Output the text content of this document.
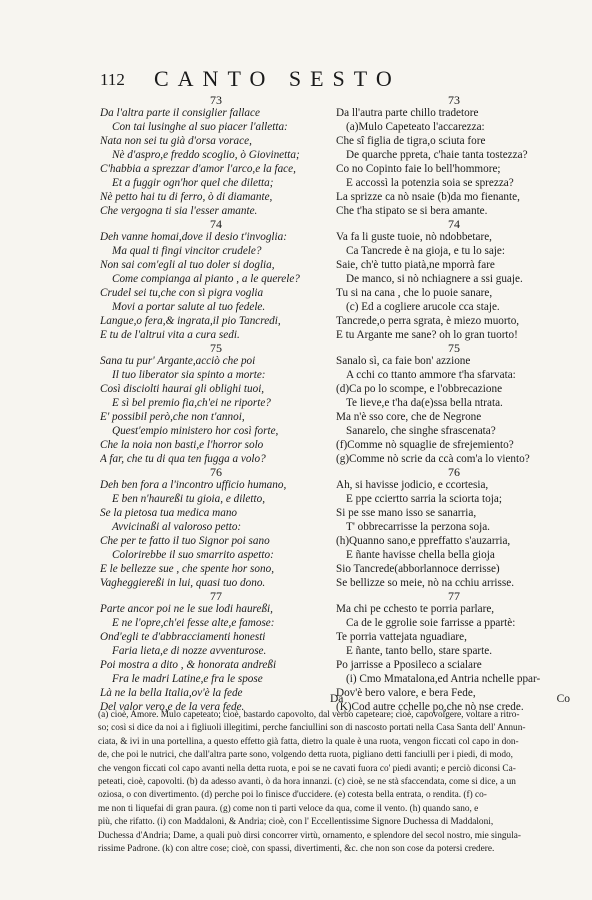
112 CANTO SESTO
73
Da l'altra parte il consiglier fallace
Con tai lusinghe al suo piacer l'alletta:
Nata non sei tu già d'orsa vorace,
Nè d'aspro,e freddo scoglio, ò Giovinetta;
C'habbia a sprezzar d'amor l'arco,e la face,
Et a fuggir ogn'hor quel che diletta;
Nè petto hai tu di ferro, ò di diamante,
Che vergogna ti sia l'esser amante.
74
Deh vanne homai,dove il desio t'invoglia:
Ma qual ti fingi vincitor crudele?
Non sai com'egli al tuo doler si doglia,
Come compianga al pianto , a le querele?
Crudel sei tu,che con sì pigra voglia
Movi a portar salute al tuo fedele.
Langue,o fera,& ingrata,il pio Tancredi,
E tu de l'altrui vita a cura sedi.
75
Sana tu pur' Argante,acciò che poi
Il tuo liberator sia spinto a morte:
Così disciolti haurai gli oblighi tuoi,
E sì bel premio fia,ch'ei ne riporte?
E' possibil però,che non t'annoi,
Quest'empio ministero hor così forte,
Che la noia non basti,e l'horror solo
A far, che tu di qua ten fugga a volo?
76
Deh ben fora a l'incontro ufficio humano,
E ben n'haureßi tu gioia, e diletto,
Se la pietosa tua medica mano
Avvicinaßi al valoroso petto:
Che per te fatto il tuo Signor poi sano
Colorirebbe il suo smarrito aspetto:
E le bellezze sue , che spente hor sono,
Vagheggiereßi in lui, quasi tuo dono.
77
Parte ancor poi ne le sue lodi haureßi,
E ne l'opre,ch'ei fesse alte,e famose:
Ond'egli te d'abbracciamenti honesti
Faria lieta,e di nozze avventurose.
Poi mostra a dito , & honorata andreßi
Fra le madri Latine,e fra le spose
Là ne la bella Italia,ov'è la fede
Del valor vero,e de la vera fede.
73
Da ll'autra parte chillo tradetore
(a)Mulo Capeteato l'accarezza:
Che sî figlia de tigra,o sciuta fore
De quarche ppreta, c'haie tanta tostezza?
Co no Copinto faie lo bell'hommore;
E accossì la potenzia soia se sprezza?
La sprizze ca nò nsaie (b)da mo fienante,
Che t'ha stipato se si bera amante.
74
Va fa li guste tuoie, nò ndobbetare,
Ca Tancrede è na gioja, e tu lo saje:
Saie, ch'è tutto piatà,ne mporrà fare
De manco, si nò nchiagnere a ssi guaje.
Tu si na cana , che lo puoie sanare,
(c) Ed a cogliere arucole cca staje.
Tancrede,o perra sgrata, è miezo muorto,
E tu Argante me sane? oh lo gran tuorto!
75
Sanalo sì, ca faie bon' azzione
A cchi co ttanto ammore t'ha sfarvata:
(d)Ca po lo scompe, e l'obbrecazione
Te lieve,e t'ha da(e)ssa bella ntrata.
Ma n'è sso core, che de Negrone
Sanarelo, che singhe sfrascenata?
(f)Comme nò squaglie de sfrejemiento?
(g)Comme nò scrie da ccà com'a lo viento?
76
Ah, si havisse jodicio, e ccortesia,
E ppe cciertto sarria la sciorta toja;
Si pe sse mano isso se sanarria,
T' obbrecarrisse la perzona soja.
(h)Quanno sano,e ppreffatto s'auzarria,
E ñante havisse chella bella gioja
Sio Tancrede(abborlannoce derrisse)
Se bellizze so meie, nò na cchiu arrisse.
77
Ma chi pe cchesto te porria parlare,
Ca de le ggrolie soie farrisse a ppartè:
Te porria vattejata nguadiare,
E ñante, tanto bello, stare sparte.
Po jarrisse a Pposileco a scialare
(i) Cmo Mmatalona,ed Antria nchelle ppar-
Dov'è bero valore, e bera Fede,
(K)Cod autre cchelle po,che nò nse crede.
Da	Co
(a) cioè, Amore. Mulo capeteato; cioè, bastardo capovolto, dal verbo capeteare; cioè, capovolgere, voltare a ritro-
so; così si dice da noi a i figliuoli illegitimi, perche fanciullini son di nascosto portati nella Casa Santa dell' Annun-
ciata, & ivi in una portellina, a questo effetto già fatta, dietro la quale è una ruota, vengon ficcati col capo in don-
de, che poi le nutrici, che dall'altra parte sono, volgendo detta ruota, pigliano detti fanciulli per i piedi, di modo,
che vengon ficcati col capo avanti nella detta ruota, e poi se ne cavati fuora co' piedi avanti; e perciò diconsi Ca-
peteati, cioè, capovolti. (b) da adesso avanti, ò da hora innanzi. (c) cioè, se ne stà sfaccendata, come si dice, a un
oziosa, o con divertimento. (d) perche poi lo finisce d'uccidere. (e) cotesta bella entrata, o rendita. (f) co-
me non ti liquefai di gran paura. (g) come non ti parti veloce da qua, come il vento. (h) quando sano, e
più, che rifatto. (i) con Maddaloni, & Andria; cioè, con l' Eccellentissime Signore Duchessa di Maddaloni,
Duchessa d'Andria; Dame, a quali può dirsi concorrer virtù, ornamento, e splendore del secol nostro, mie singula-
rissime Padrone. (k) con altre cose; cioè, con spassi, divertimenti, &c. che non son cose da potersi credere.
